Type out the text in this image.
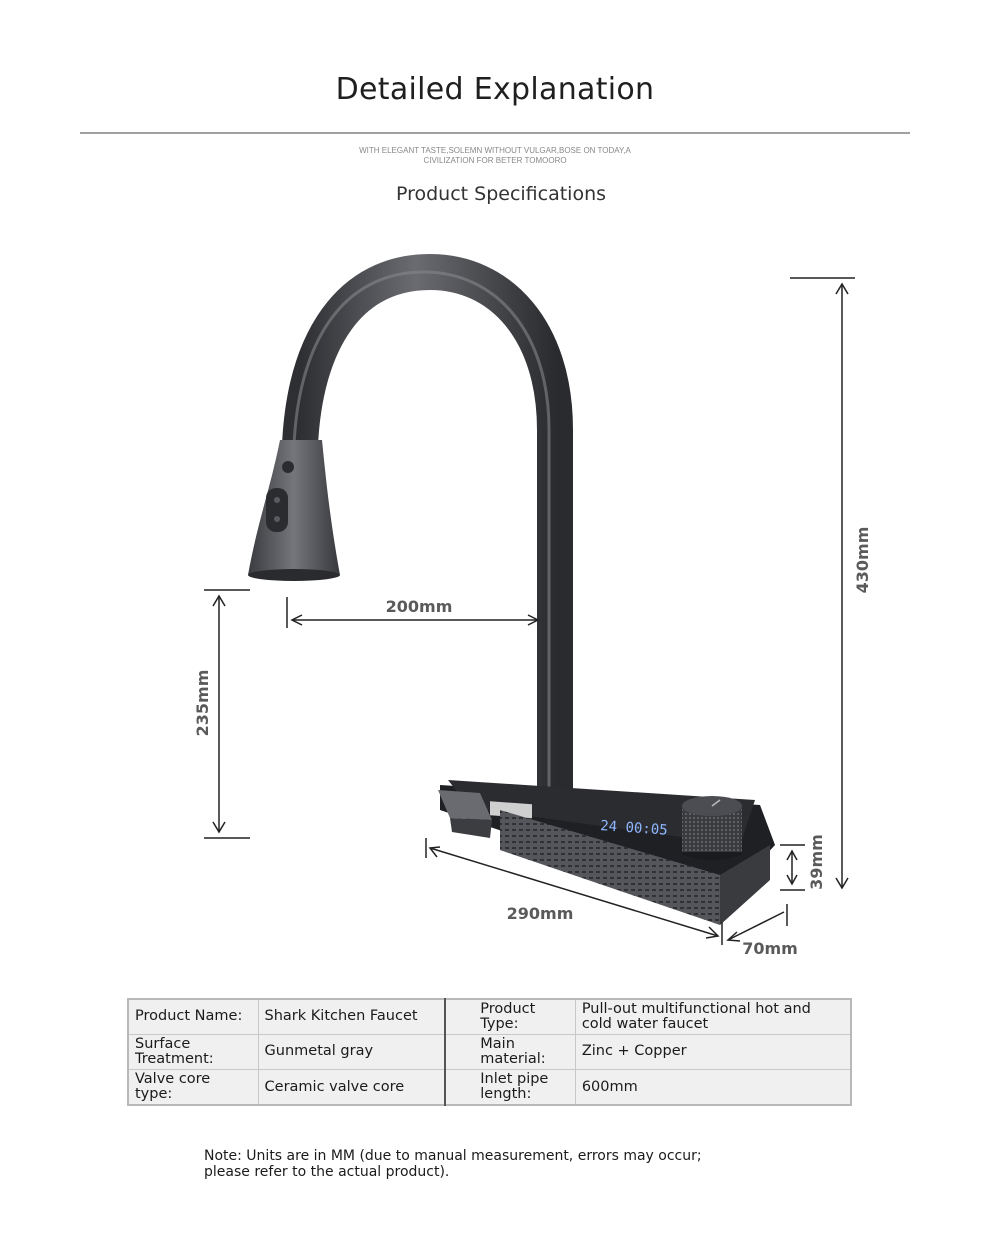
Detailed Explanation
WITH ELEGANT TASTE,SOLEMN WITHOUT VULGAR,BOSE ON TODAY,A
CIVILIZATION FOR BETER TOMOORO
Product Specifications
24 00:05
430mm
200mm
235mm
290mm
70mm
39mm
Product Name:	Shark Kitchen Faucet	Product Type:	Pull-out multifunctional hot and cold water faucet
Surface Treatment:	Gunmetal gray	Main material:	Zinc + Copper
Valve core type:	Ceramic valve core	Inlet pipe length:	600mm
Note: Units are in MM (due to manual measurement, errors may occur;
please refer to the actual product).
